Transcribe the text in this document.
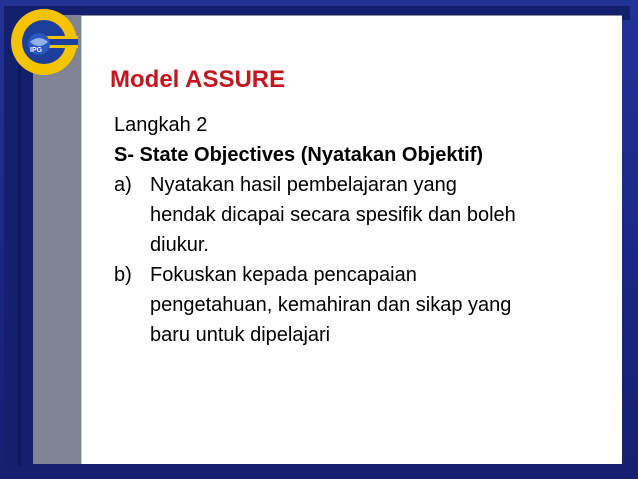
IPG
Model ASSURE
Langkah 2
S- State Objectives (Nyatakan Objektif)
a) Nyatakan hasil pembelajaran yang
hendak dicapai secara spesifik dan boleh
diukur.
b) Fokuskan kepada pencapaian
pengetahuan, kemahiran dan sikap yang
baru untuk dipelajari
